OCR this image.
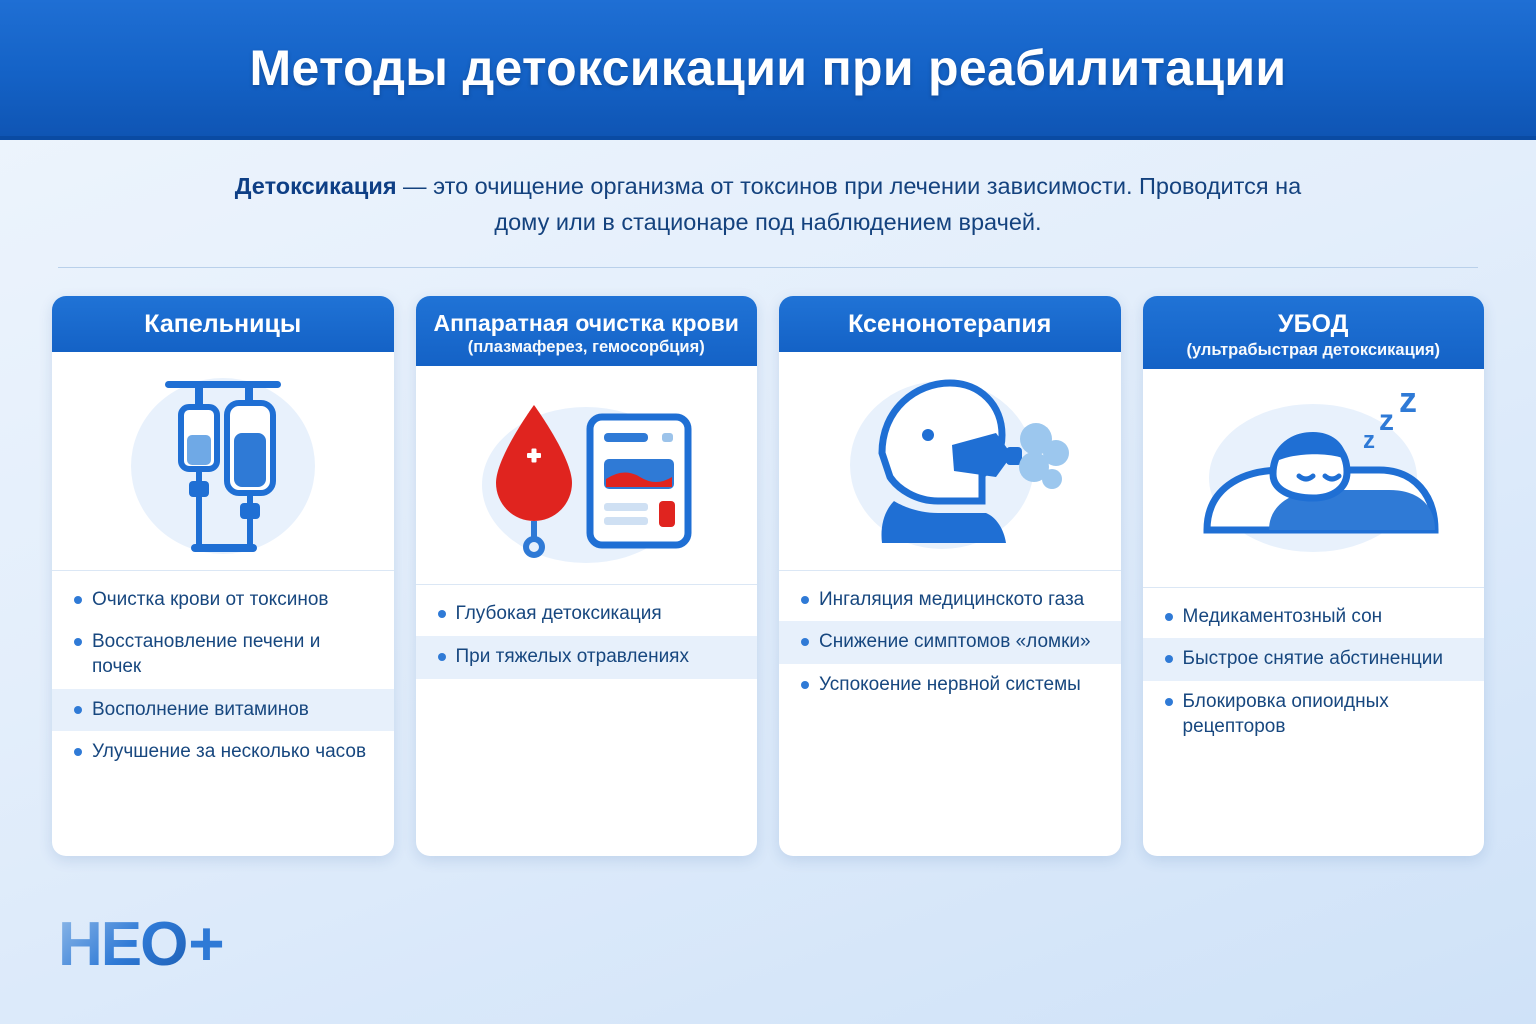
Методы детоксикации при реабилитации
Детоксикация — это очищение организма от токсинов при лечении зависимости. Проводится на дому или в стационаре под наблюдением врачей.
Капельницы
Очистка крови от токсинов
Восстановление печени и почек
Восполнение витаминов
Улучшение за несколько часов
Аппаратная очистка крови
(плазмаферез, гемосорбция)
Глубокая детоксикация
При тяжелых отравлениях
Ксенонотерапия
Ингаляция медицинското газа
Снижение симптомов «ломки»
Успокоение нервной системы
УБОД
(ультрабыстрая детоксикация)
z
z
z
Медикаментозный сон
Быстрое снятие абстиненции
Блокировка опиоидных рецепторов
HEO +
